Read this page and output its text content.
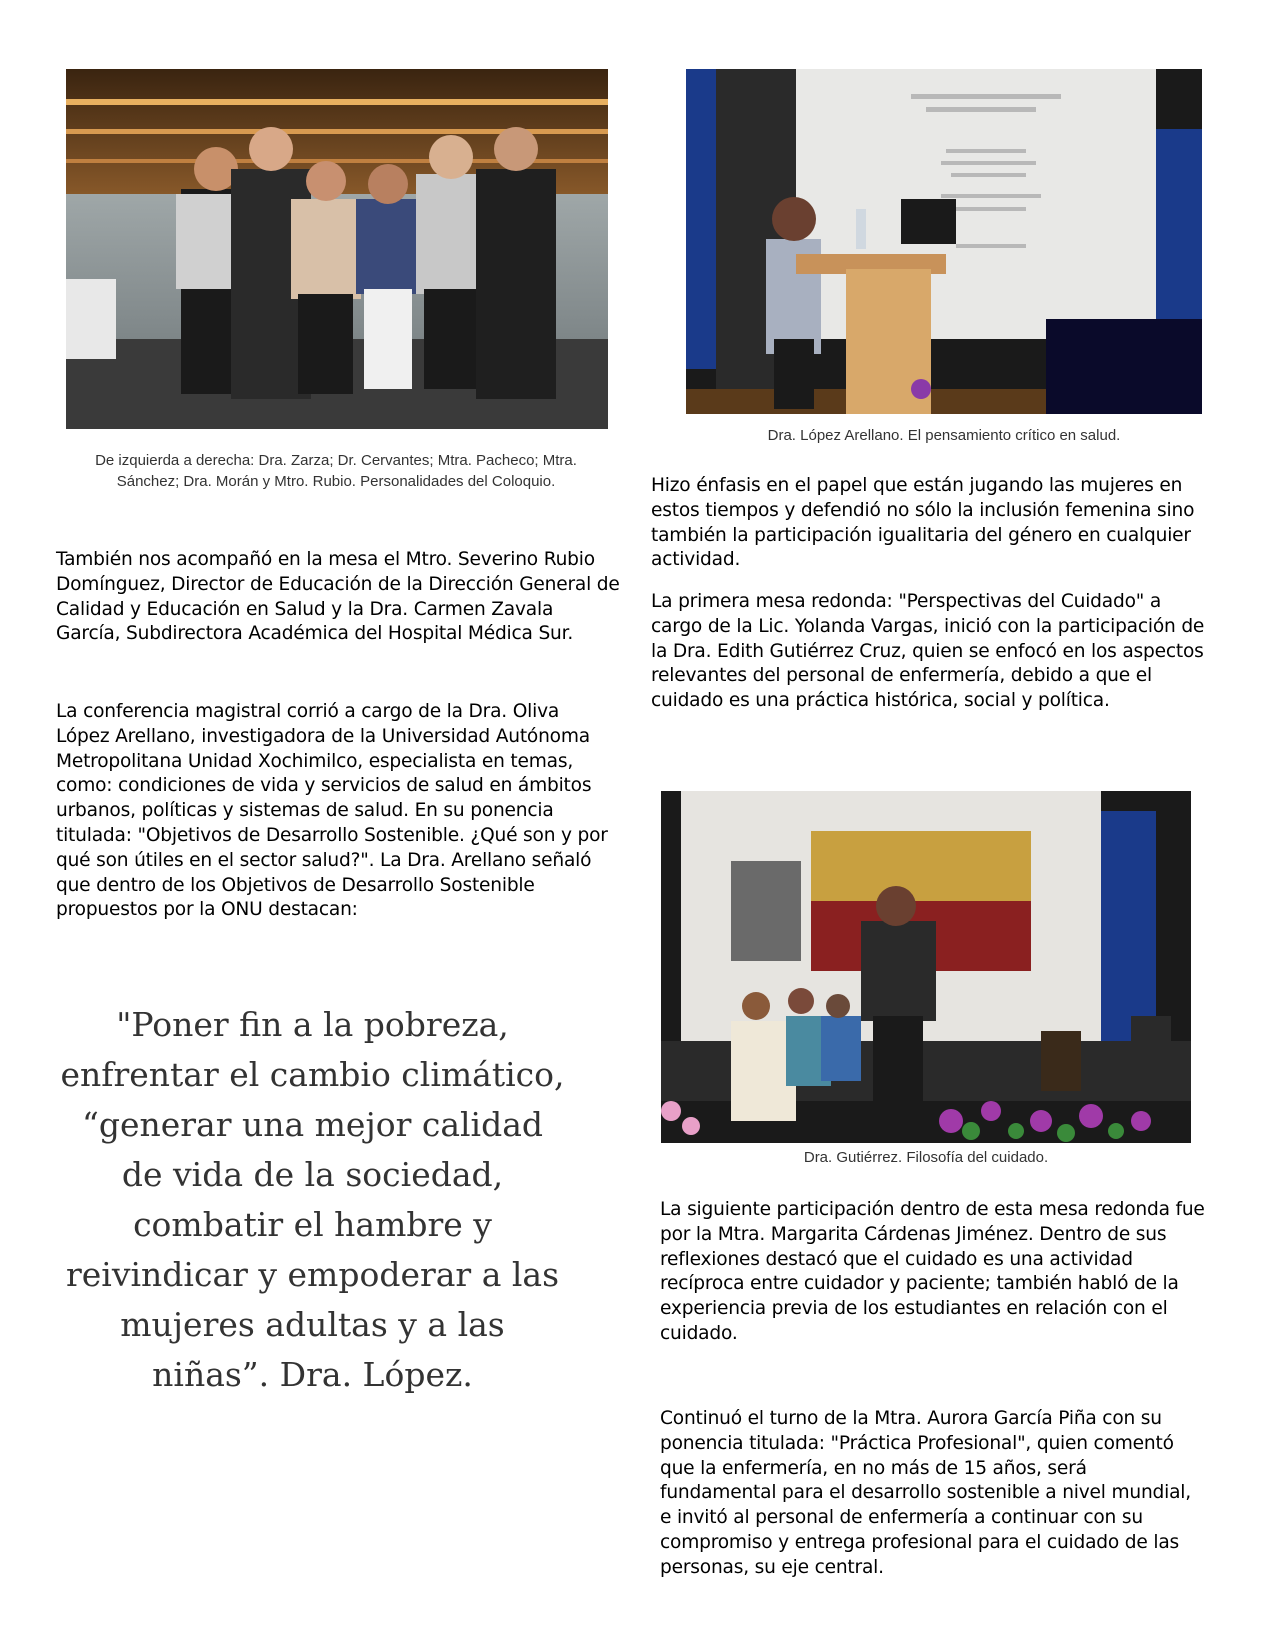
De izquierda a derecha: Dra. Zarza; Dr. Cervantes; Mtra. Pacheco; Mtra. Sánchez; Dra. Morán y Mtro. Rubio. Personalidades del Coloquio.
Dra. López Arellano. El pensamiento crítico en salud.

También nos acompañó en la mesa el Mtro. Severino Rubio Domínguez, Director de Educación de la Dirección General de Calidad y Educación en Salud y la Dra. Carmen Zavala García, Subdirectora Académica del Hospital Médica Sur.

La conferencia magistral corrió a cargo de la Dra. Oliva López Arellano, investigadora de la Universidad Autónoma Metropolitana Unidad Xochimilco, especialista en temas, como: condiciones de vida y servicios de salud en ámbitos urbanos, políticas y sistemas de salud. En su ponencia titulada: "Objetivos de Desarrollo Sostenible. ¿Qué son y por qué son útiles en el sector salud?". La Dra. Arellano señaló que dentro de los Objetivos de Desarrollo Sostenible propuestos por la ONU destacan:

"Poner fin a la pobreza, enfrentar el cambio climático, “generar una mejor calidad de vida de la sociedad, combatir el hambre y reivindicar y empoderar a las mujeres adultas y a las niñas”. Dra. López.

Hizo énfasis en el papel que están jugando las mujeres en estos tiempos y defendió no sólo la inclusión femenina sino también la participación igualitaria del género en cualquier actividad.

La primera mesa redonda: "Perspectivas del Cuidado" a cargo de la Lic. Yolanda Vargas, inició con la participación de la Dra. Edith Gutiérrez Cruz, quien se enfocó en los aspectos relevantes del personal de enfermería, debido a que el cuidado es una práctica histórica, social y política.

Dra. Gutiérrez. Filosofía del cuidado.

La siguiente participación dentro de esta mesa redonda fue por la Mtra. Margarita Cárdenas Jiménez. Dentro de sus reflexiones destacó que el cuidado es una actividad recíproca entre cuidador y paciente; también habló de la experiencia previa de los estudiantes en relación con el cuidado.

Continuó el turno de la Mtra. Aurora García Piña con su ponencia titulada: "Práctica Profesional", quien comentó que la enfermería, en no más de 15 años, será fundamental para el desarrollo sostenible a nivel mundial, e invitó al personal de enfermería a continuar con su compromiso y entrega profesional para el cuidado de las personas, su eje central.
